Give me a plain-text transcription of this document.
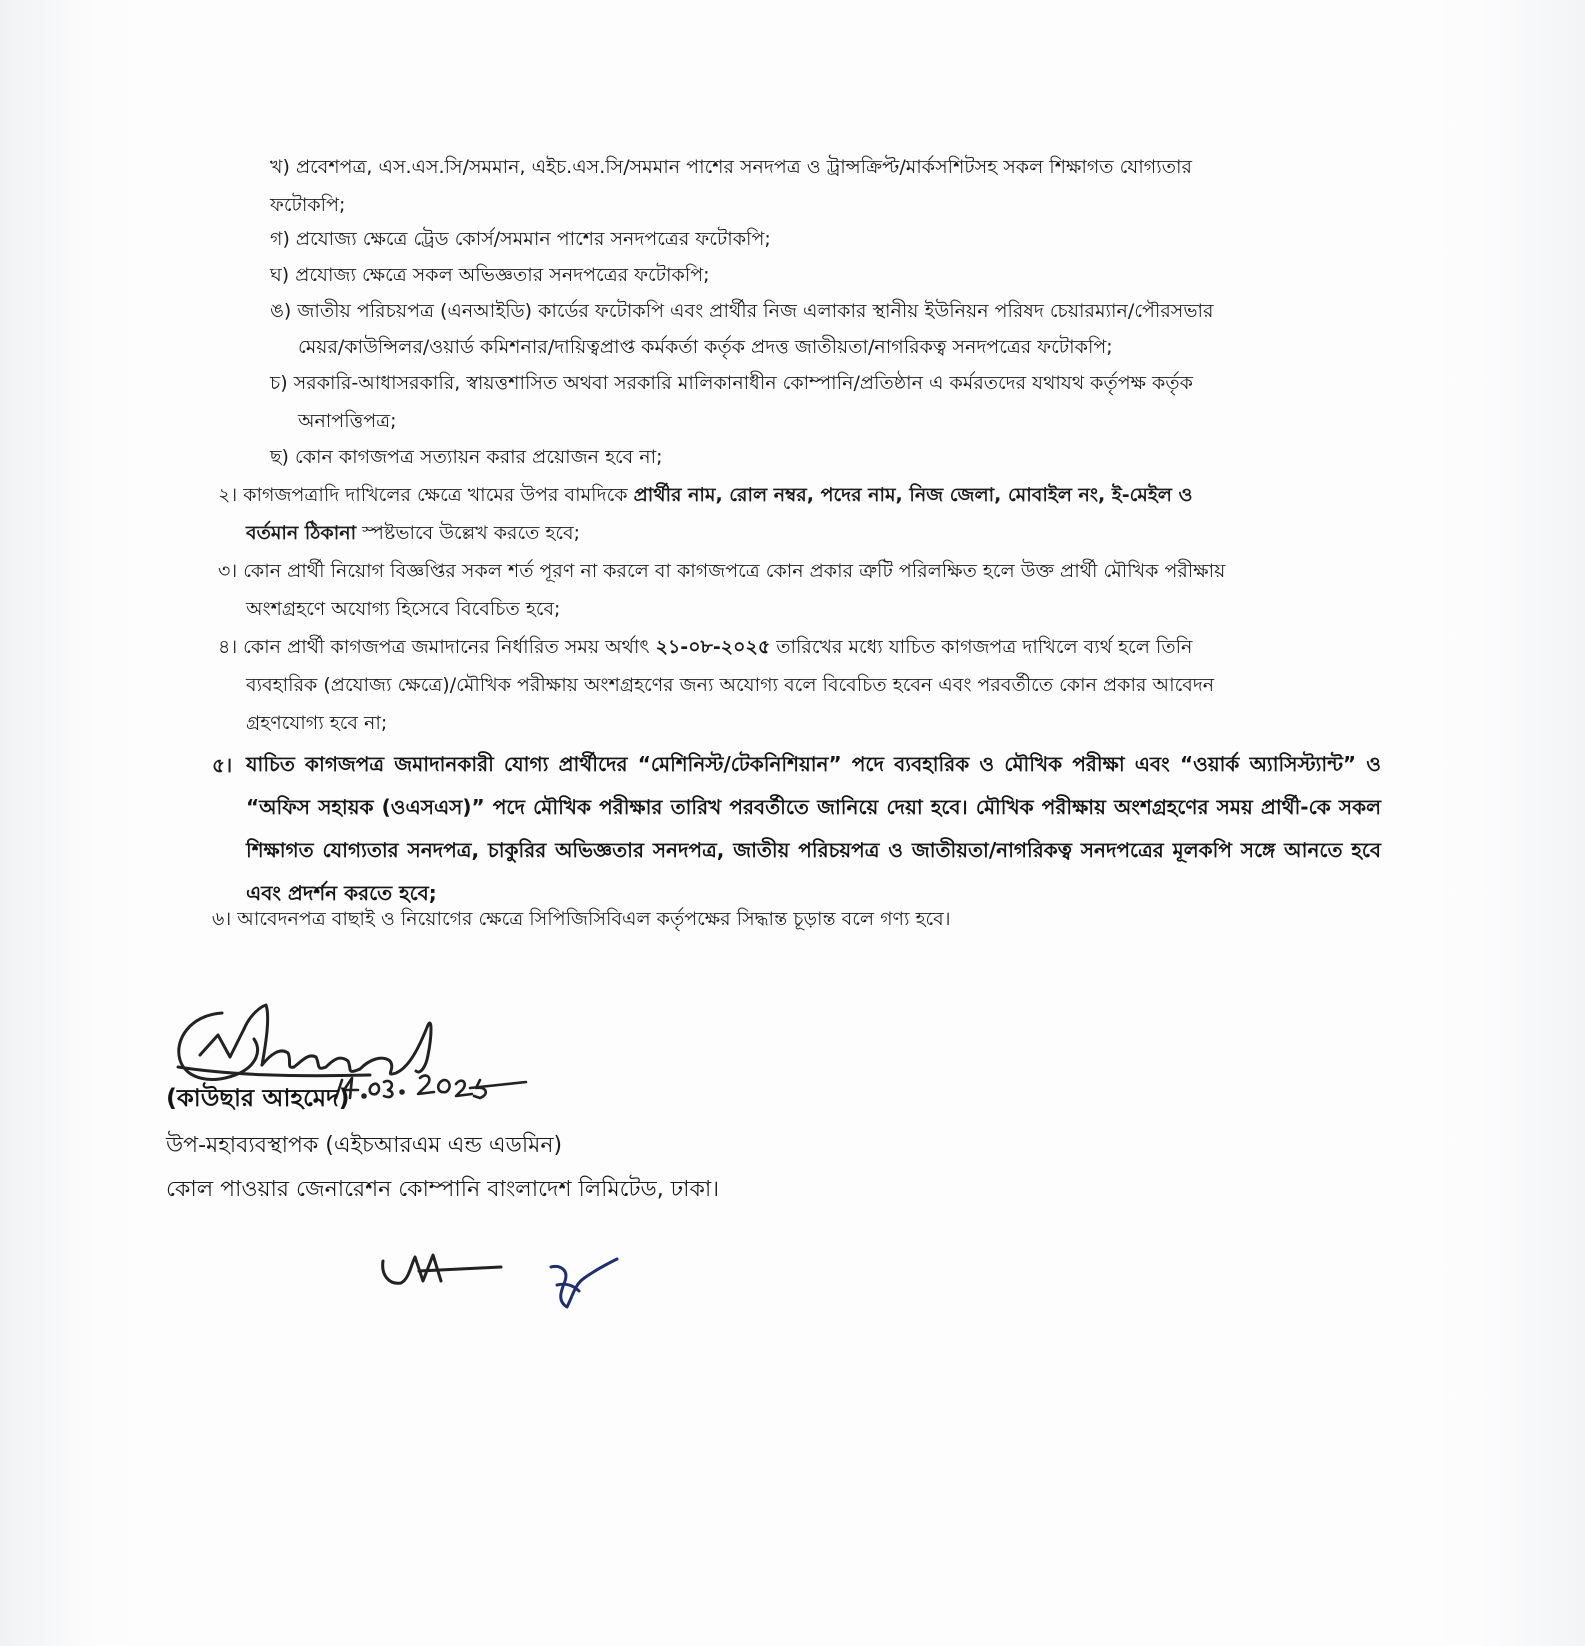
খ) প্রবেশপত্র, এস.এস.সি/সমমান, এইচ.এস.সি/সমমান পাশের সনদপত্র ও ট্রান্সক্রিপ্ট/মার্কসশিটসহ সকল শিক্ষাগত যোগ্যতার
ফটোকপি;
গ) প্রযোজ্য ক্ষেত্রে ট্রেড কোর্স/সমমান পাশের সনদপত্রের ফটোকপি;
ঘ) প্রযোজ্য ক্ষেত্রে সকল অভিজ্ঞতার সনদপত্রের ফটোকপি;
ঙ) জাতীয় পরিচয়পত্র (এনআইডি) কার্ডের ফটোকপি এবং প্রার্থীর নিজ এলাকার স্থানীয় ইউনিয়ন পরিষদ চেয়ারম্যান/পৌরসভার
মেয়র/কাউন্সিলর/ওয়ার্ড কমিশনার/দায়িত্বপ্রাপ্ত কর্মকর্তা কর্তৃক প্রদত্ত জাতীয়তা/নাগরিকত্ব সনদপত্রের ফটোকপি;
চ) সরকারি-আধাসরকারি, স্বায়ত্তশাসিত অথবা সরকারি মালিকানাধীন কোম্পানি/প্রতিষ্ঠান এ কর্মরতদের যথাযথ কর্তৃপক্ষ কর্তৃক
অনাপত্তিপত্র;
ছ) কোন কাগজপত্র সত্যায়ন করার প্রয়োজন হবে না;
২। কাগজপত্রাদি দাখিলের ক্ষেত্রে খামের উপর বামদিকে প্রার্থীর নাম, রোল নম্বর, পদের নাম, নিজ জেলা, মোবাইল নং, ই-মেইল ও
বর্তমান ঠিকানা স্পষ্টভাবে উল্লেখ করতে হবে;
৩। কোন প্রার্থী নিয়োগ বিজ্ঞপ্তির সকল শর্ত পূরণ না করলে বা কাগজপত্রে কোন প্রকার ত্রুটি পরিলক্ষিত হলে উক্ত প্রার্থী মৌখিক পরীক্ষায়
অংশগ্রহণে অযোগ্য হিসেবে বিবেচিত হবে;
৪। কোন প্রার্থী কাগজপত্র জমাদানের নির্ধারিত সময় অর্থাৎ ২১-০৮-২০২৫ তারিখের মধ্যে যাচিত কাগজপত্র দাখিলে ব্যর্থ হলে তিনি
ব্যবহারিক (প্রযোজ্য ক্ষেত্রে)/মৌখিক পরীক্ষায় অংশগ্রহণের জন্য অযোগ্য বলে বিবেচিত হবেন এবং পরবর্তীতে কোন প্রকার আবেদন
গ্রহণযোগ্য হবে না;
৫। যাচিত কাগজপত্র জমাদানকারী যোগ্য প্রার্থীদের “মেশিনিস্ট/টেকনিশিয়ান” পদে ব্যবহারিক ও মৌখিক পরীক্ষা এবং “ওয়ার্ক অ্যাসিস্ট্যান্ট” ও “অফিস সহায়ক (ওএসএস)” পদে মৌখিক পরীক্ষার তারিখ পরবর্তীতে জানিয়ে দেয়া হবে। মৌখিক পরীক্ষায় অংশগ্রহণের সময় প্রার্থী-কে সকল শিক্ষাগত যোগ্যতার সনদপত্র, চাকুরির অভিজ্ঞতার সনদপত্র, জাতীয় পরিচয়পত্র ও জাতীয়তা/নাগরিকত্ব সনদপত্রের মূলকপি সঙ্গে আনতে হবে এবং প্রদর্শন করতে হবে;
৬। আবেদনপত্র বাছাই ও নিয়োগের ক্ষেত্রে সিপিজিসিবিএল কর্তৃপক্ষের সিদ্ধান্ত চূড়ান্ত বলে গণ্য হবে।
(কাউছার আহমেদ)
উপ-মহাব্যবস্থাপক (এইচআরএম এন্ড এডমিন)
কোল পাওয়ার জেনারেশন কোম্পানি বাংলাদেশ লিমিটেড, ঢাকা।
